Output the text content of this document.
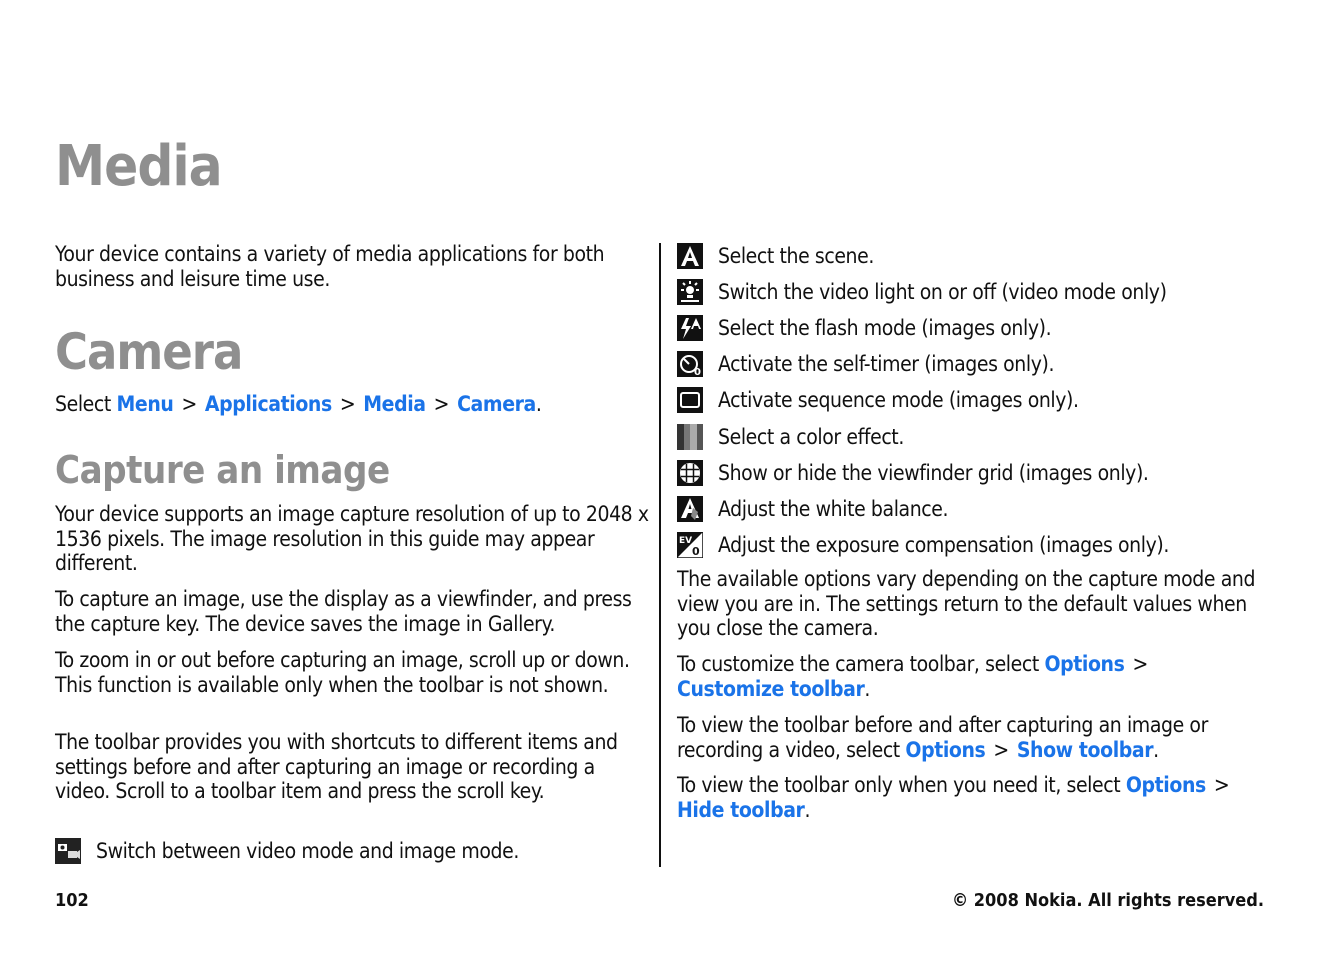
Media

Your device contains a variety of media applications for both business and leisure time use.

Camera

Select Menu > Applications > Media > Camera.

Capture an image

Your device supports an image capture resolution of up to 2048 x 1536 pixels. The image resolution in this guide may appear different.

To capture an image, use the display as a viewfinder, and press the capture key. The device saves the image in Gallery.

To zoom in or out before capturing an image, scroll up or down. This function is available only when the toolbar is not shown.

The toolbar provides you with shortcuts to different items and settings before and after capturing an image or recording a video. Scroll to a toolbar item and press the scroll key.

Switch between video mode and image mode.
Select the scene.
Switch the video light on or off (video mode only)
Select the flash mode (images only).
0 Activate the self-timer (images only).
Activate sequence mode (images only).
Select a color effect.
Show or hide the viewfinder grid (images only).
Adjust the white balance.
EV
0 Adjust the exposure compensation (images only).

The available options vary depending on the capture mode and view you are in. The settings return to the default values when you close the camera.

To customize the camera toolbar, select Options >
Customize toolbar.

To view the toolbar before and after capturing an image or recording a video, select Options > Show toolbar.

To view the toolbar only when you need it, select Options >
Hide toolbar.

102	© 2008 Nokia. All rights reserved.
